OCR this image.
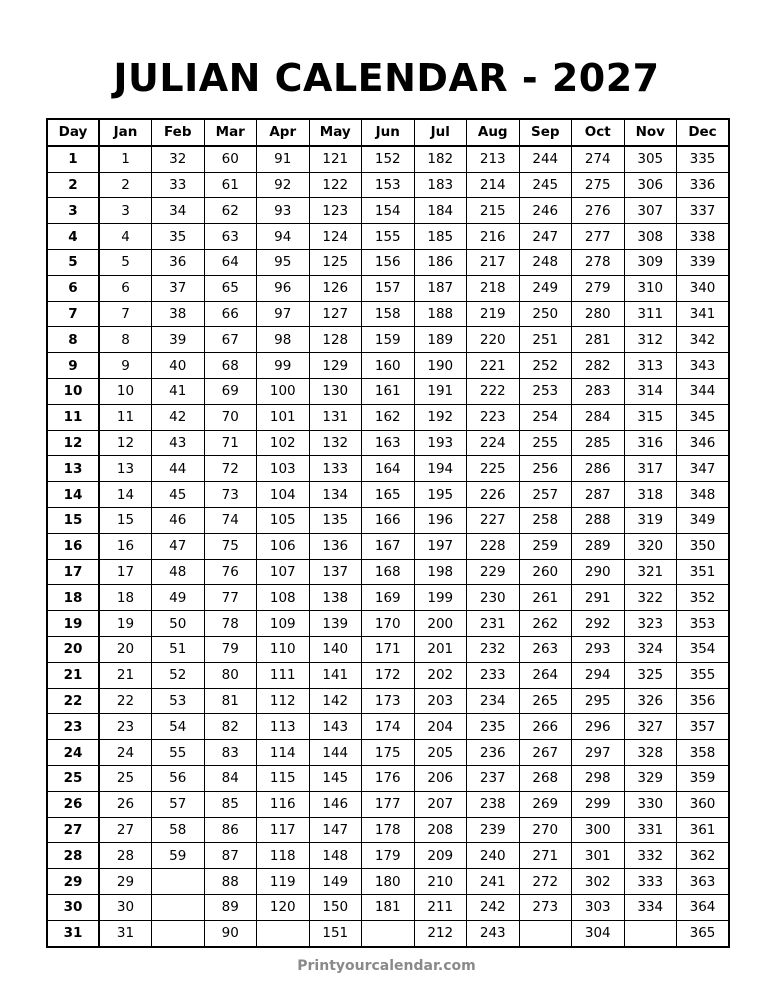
JULIAN CALENDAR - 2027
Day	Jan	Feb	Mar	Apr	May	Jun	Jul	Aug	Sep	Oct	Nov	Dec
1	1	32	60	91	121	152	182	213	244	274	305	335
2	2	33	61	92	122	153	183	214	245	275	306	336
3	3	34	62	93	123	154	184	215	246	276	307	337
4	4	35	63	94	124	155	185	216	247	277	308	338
5	5	36	64	95	125	156	186	217	248	278	309	339
6	6	37	65	96	126	157	187	218	249	279	310	340
7	7	38	66	97	127	158	188	219	250	280	311	341
8	8	39	67	98	128	159	189	220	251	281	312	342
9	9	40	68	99	129	160	190	221	252	282	313	343
10	10	41	69	100	130	161	191	222	253	283	314	344
11	11	42	70	101	131	162	192	223	254	284	315	345
12	12	43	71	102	132	163	193	224	255	285	316	346
13	13	44	72	103	133	164	194	225	256	286	317	347
14	14	45	73	104	134	165	195	226	257	287	318	348
15	15	46	74	105	135	166	196	227	258	288	319	349
16	16	47	75	106	136	167	197	228	259	289	320	350
17	17	48	76	107	137	168	198	229	260	290	321	351
18	18	49	77	108	138	169	199	230	261	291	322	352
19	19	50	78	109	139	170	200	231	262	292	323	353
20	20	51	79	110	140	171	201	232	263	293	324	354
21	21	52	80	111	141	172	202	233	264	294	325	355
22	22	53	81	112	142	173	203	234	265	295	326	356
23	23	54	82	113	143	174	204	235	266	296	327	357
24	24	55	83	114	144	175	205	236	267	297	328	358
25	25	56	84	115	145	176	206	237	268	298	329	359
26	26	57	85	116	146	177	207	238	269	299	330	360
27	27	58	86	117	147	178	208	239	270	300	331	361
28	28	59	87	118	148	179	209	240	271	301	332	362
29	29		88	119	149	180	210	241	272	302	333	363
30	30		89	120	150	181	211	242	273	303	334	364
31	31		90		151		212	243		304		365
Printyourcalendar.com
